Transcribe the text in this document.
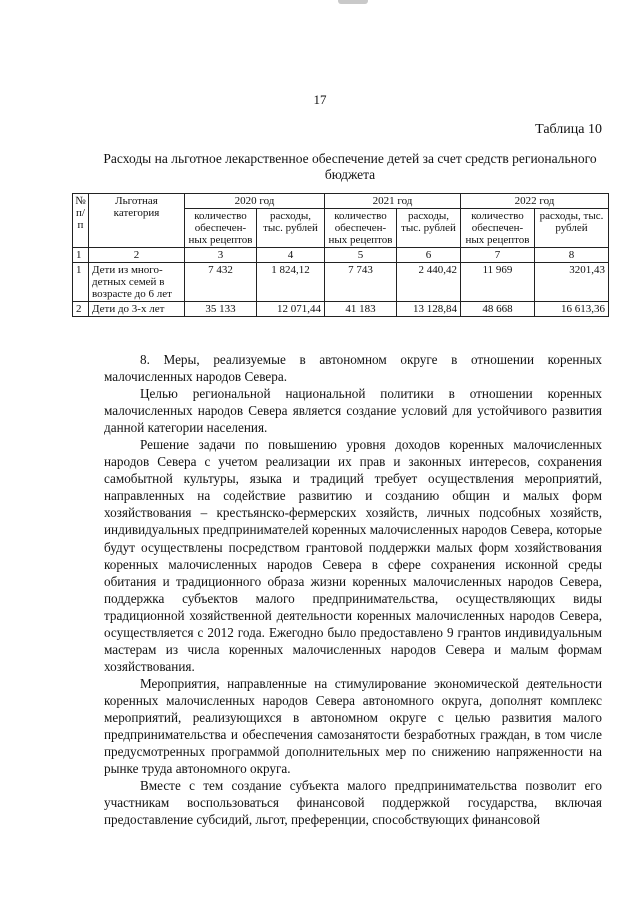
17
Таблица 10
Расходы на льготное лекарственное обеспечение детей за счет средств регионального бюджета
№ п/п	Льготная категория	2020 год		2021 год		2022 год	
		количество обеспечен-ных рецептов	расходы, тыс. рублей	количество обеспечен-ных рецептов	расходы, тыс. рублей	количество обеспечен-ных рецептов	расходы, тыс. рублей
1	2	3	4	5	6	7	8
1	Дети из много-детных семей в возрасте до 6 лет	7 432	1 824,12	7 743	2 440,42	11 969	3201,43
2	Дети до 3-х лет	35 133	12 071,44	41 183	13 128,84	48 668	16 613,36

8. Меры, реализуемые в автономном округе в отношении коренных малочисленных народов Севера.

Целью региональной национальной политики в отношении коренных малочисленных народов Севера является создание условий для устойчивого развития данной категории населения.

Решение задачи по повышению уровня доходов коренных малочисленных народов Севера с учетом реализации их прав и законных интересов, сохранения самобытной культуры, языка и традиций требует осуществления мероприятий, направленных на содействие развитию и созданию общин и малых форм хозяйствования – крестьянско-фермерских хозяйств, личных подсобных хозяйств, индивидуальных предпринимателей коренных малочисленных народов Севера, которые будут осуществлены посредством грантовой поддержки малых форм хозяйствования коренных малочисленных народов Севера в сфере сохранения исконной среды обитания и традиционного образа жизни коренных малочисленных народов Севера, поддержка субъектов малого предпринимательства, осуществляющих виды традиционной хозяйственной деятельности коренных малочисленных народов Севера, осуществляется с 2012 года. Ежегодно было предоставлено 9 грантов индивидуальным мастерам из числа коренных малочисленных народов Севера и малым формам хозяйствования.

Мероприятия, направленные на стимулирование экономической деятельности коренных малочисленных народов Севера автономного округа, дополнят комплекс мероприятий, реализующихся в автономном округе с целью развития малого предпринимательства и обеспечения самозанятости безработных граждан, в том числе предусмотренных программой дополнительных мер по снижению напряженности на рынке труда автономного округа.

Вместе с тем создание субъекта малого предпринимательства позволит его участникам воспользоваться финансовой поддержкой государства, включая предоставление субсидий, льгот, преференции, способствующих финансовой
